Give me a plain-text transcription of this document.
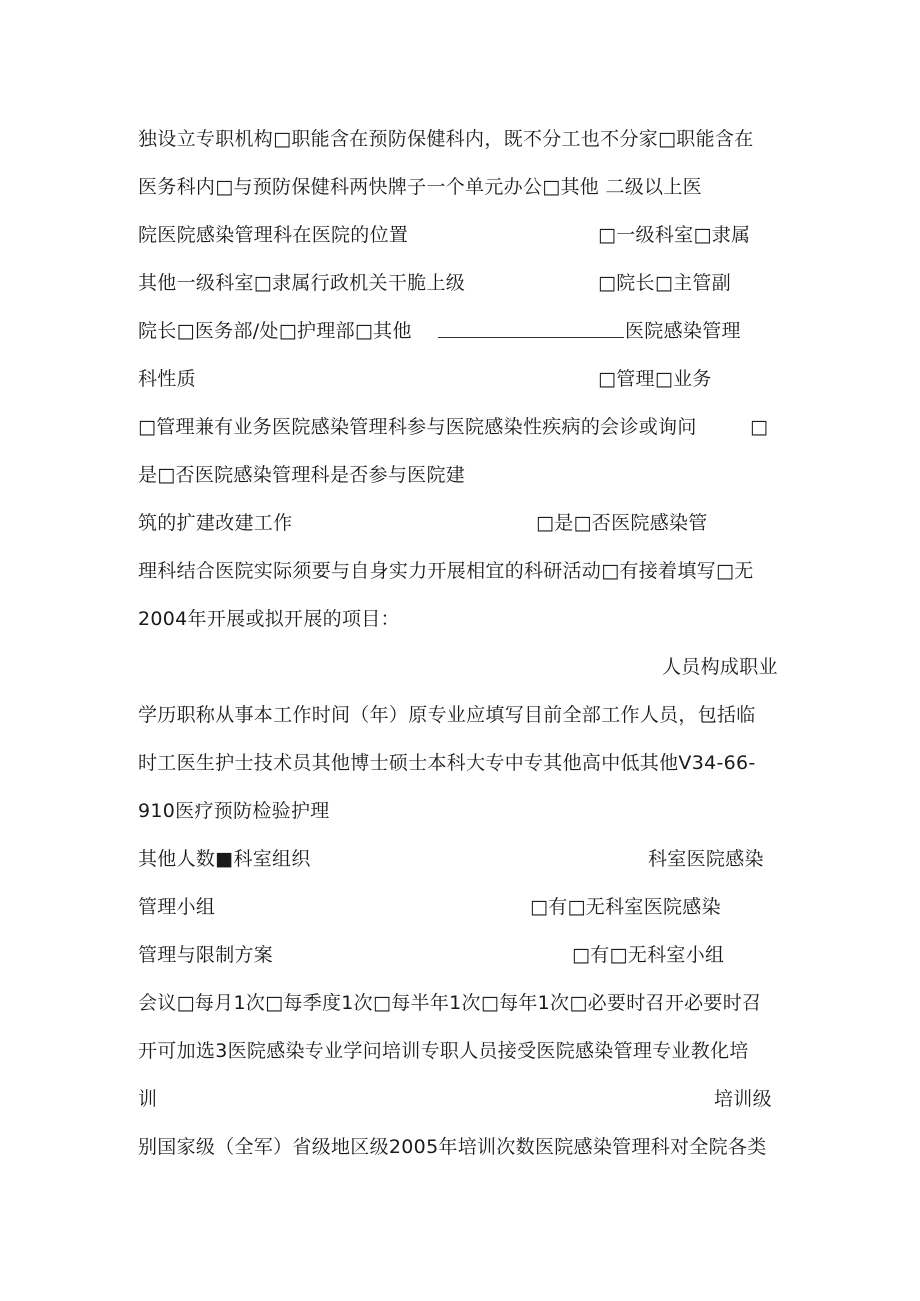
独设立专职机构□职能含在预防保健科内，既不分工也不分家□职能含在
医务科内□与预防保健科两快牌子一个单元办公□其他 二级以上医
院医院感染管理科在医院的位置	□一级科室□隶属
其他一级科室□隶属行政机关干脆上级	□院长□主管副
院长□医务部/处□护理部□其他	医院感染管理
科性质	□管理□业务
□管理兼有业务医院感染管理科参与医院感染性疾病的会诊或询问	□
是□否医院感染管理科是否参与医院建
筑的扩建改建工作	□是□否医院感染管
理科结合医院实际须要与自身实力开展相宜的科研活动□有接着填写□无
2004年开展或拟开展的项目：
人员构成职业
学历职称从事本工作时间（年）原专业应填写目前全部工作人员，包括临
时工医生护士技术员其他博士硕士本科大专中专其他高中低其他V34-66-
910医疗预防检验护理
其他人数■科室组织	科室医院感染
管理小组	□有□无科室医院感染
管理与限制方案	□有□无科室小组
会议□每月1次□每季度1次□每半年1次□每年1次□必要时召开必要时召
开可加选3医院感染专业学问培训专职人员接受医院感染管理专业教化培
训	培训级
别国家级（全军）省级地区级2005年培训次数医院感染管理科对全院各类
